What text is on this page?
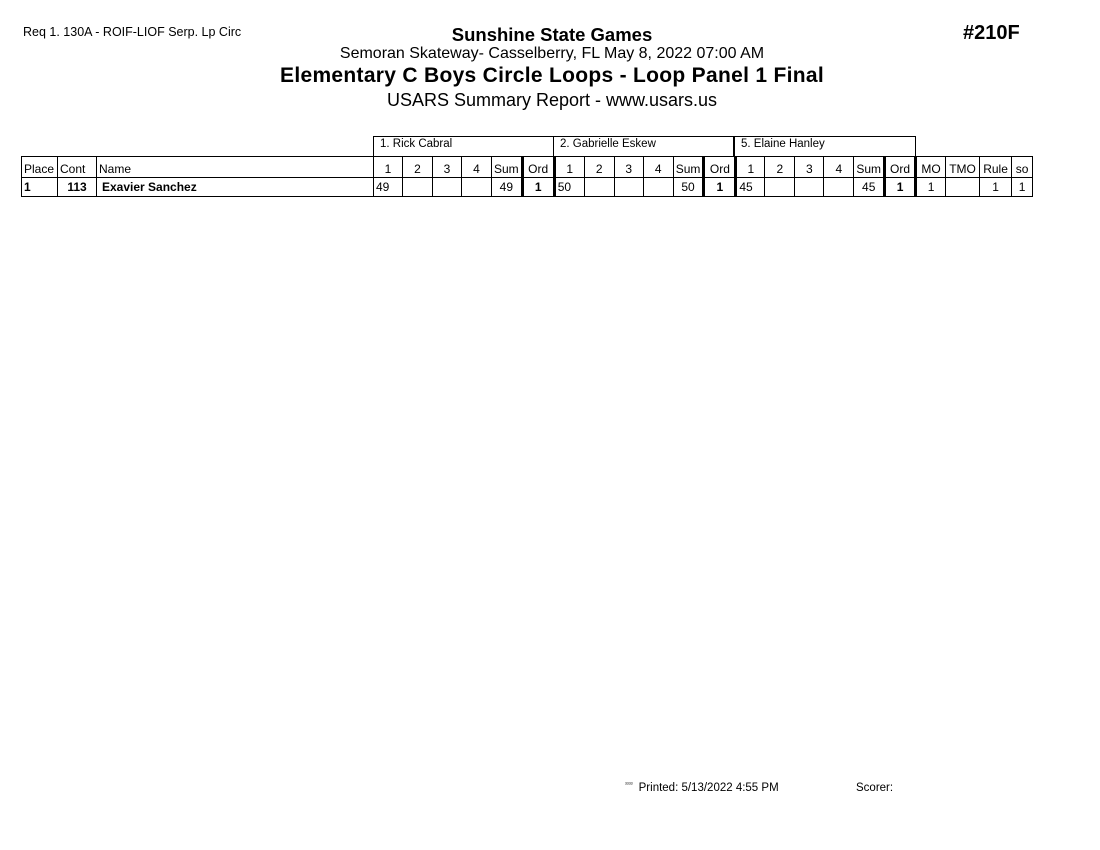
Req 1. 130A - ROIF-LIOF Serp. Lp Circ	#210F
Sunshine State Games
Semoran Skateway- Casselberry, FL May 8, 2022 07:00 AM
Elementary C Boys Circle Loops - Loop Panel 1 Final
USARS Summary Report - www.usars.us
1. Rick Cabral	2. Gabrielle Eskew	5. Elaine Hanley
Place	Cont	Name	1	2	3	4	Sum	Ord	1	2	3	4	Sum	Ord	1	2	3	4	Sum	Ord	MO	TMO	Rule	so
1	113	Exavier Sanchez	49				49	1	50				50	1	45				45	1	1		1	1
$^{ᶟᶟᶟᶟ}$ Printed: 5/13/2022 4:55 PM	Scorer:
